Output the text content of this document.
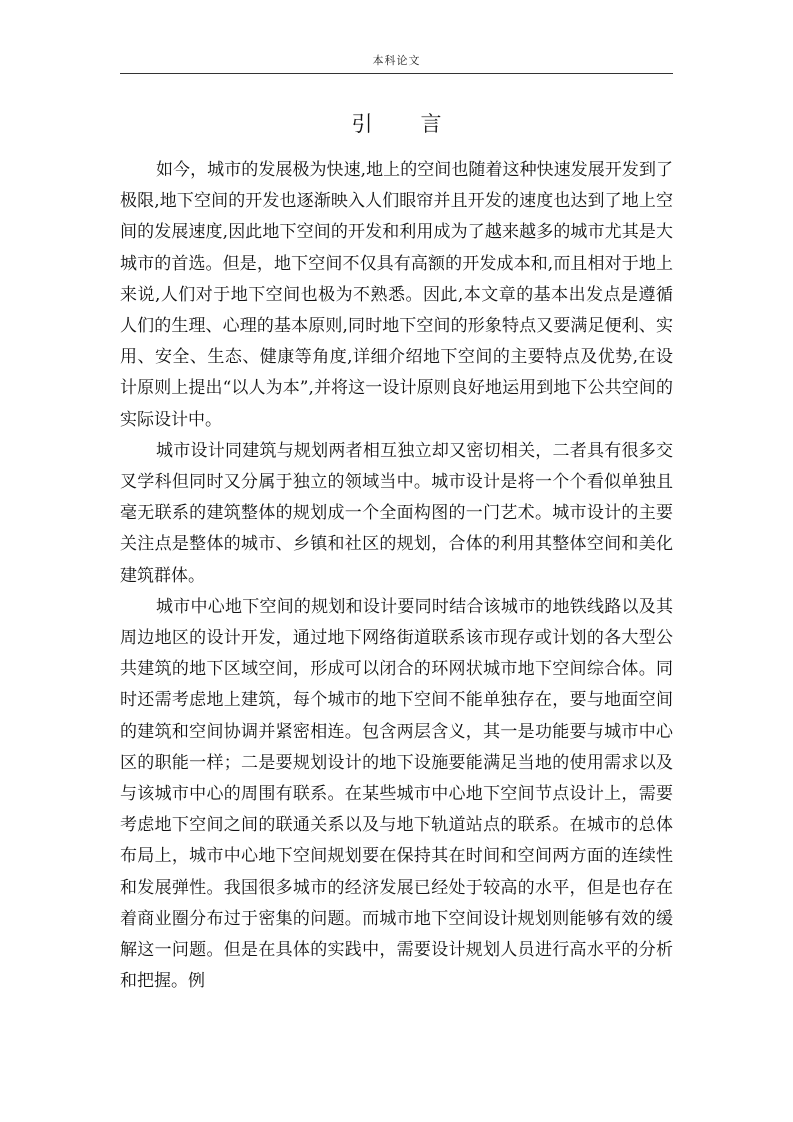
本科论文
引 言

如今，城市的发展极为快速,地上的空间也随着这种快速发展开发到了极限,地下空间的开发也逐渐映入人们眼帘并且开发的速度也达到了地上空间的发展速度,因此地下空间的开发和利用成为了越来越多的城市尤其是大城市的首选。但是，地下空间不仅具有高额的开发成本和,而且相对于地上来说,人们对于地下空间也极为不熟悉。因此,本文章的基本出发点是遵循人们的生理、心理的基本原则,同时地下空间的形象特点又要满足便利、实用、安全、生态、健康等角度,详细介绍地下空间的主要特点及优势,在设计原则上提出“以人为本”,并将这一设计原则良好地运用到地下公共空间的实际设计中。

城市设计同建筑与规划两者相互独立却又密切相关，二者具有很多交叉学科但同时又分属于独立的领域当中。城市设计是将一个个看似单独且毫无联系的建筑整体的规划成一个全面构图的一门艺术。城市设计的主要关注点是整体的城市、乡镇和社区的规划，合体的利用其整体空间和美化建筑群体。

城市中心地下空间的规划和设计要同时结合该城市的地铁线路以及其周边地区的设计开发，通过地下网络街道联系该市现存或计划的各大型公共建筑的地下区域空间，形成可以闭合的环网状城市地下空间综合体。同时还需考虑地上建筑，每个城市的地下空间不能单独存在，要与地面空间的建筑和空间协调并紧密相连。包含两层含义，其一是功能要与城市中心区的职能一样；二是要规划设计的地下设施要能满足当地的使用需求以及与该城市中心的周围有联系。在某些城市中心地下空间节点设计上，需要考虑地下空间之间的联通关系以及与地下轨道站点的联系。在城市的总体布局上，城市中心地下空间规划要在保持其在时间和空间两方面的连续性和发展弹性。我国很多城市的经济发展已经处于较高的水平，但是也存在着商业圈分布过于密集的问题。而城市地下空间设计规划则能够有效的缓解这一问题。但是在具体的实践中，需要设计规划人员进行高水平的分析和把握。例
